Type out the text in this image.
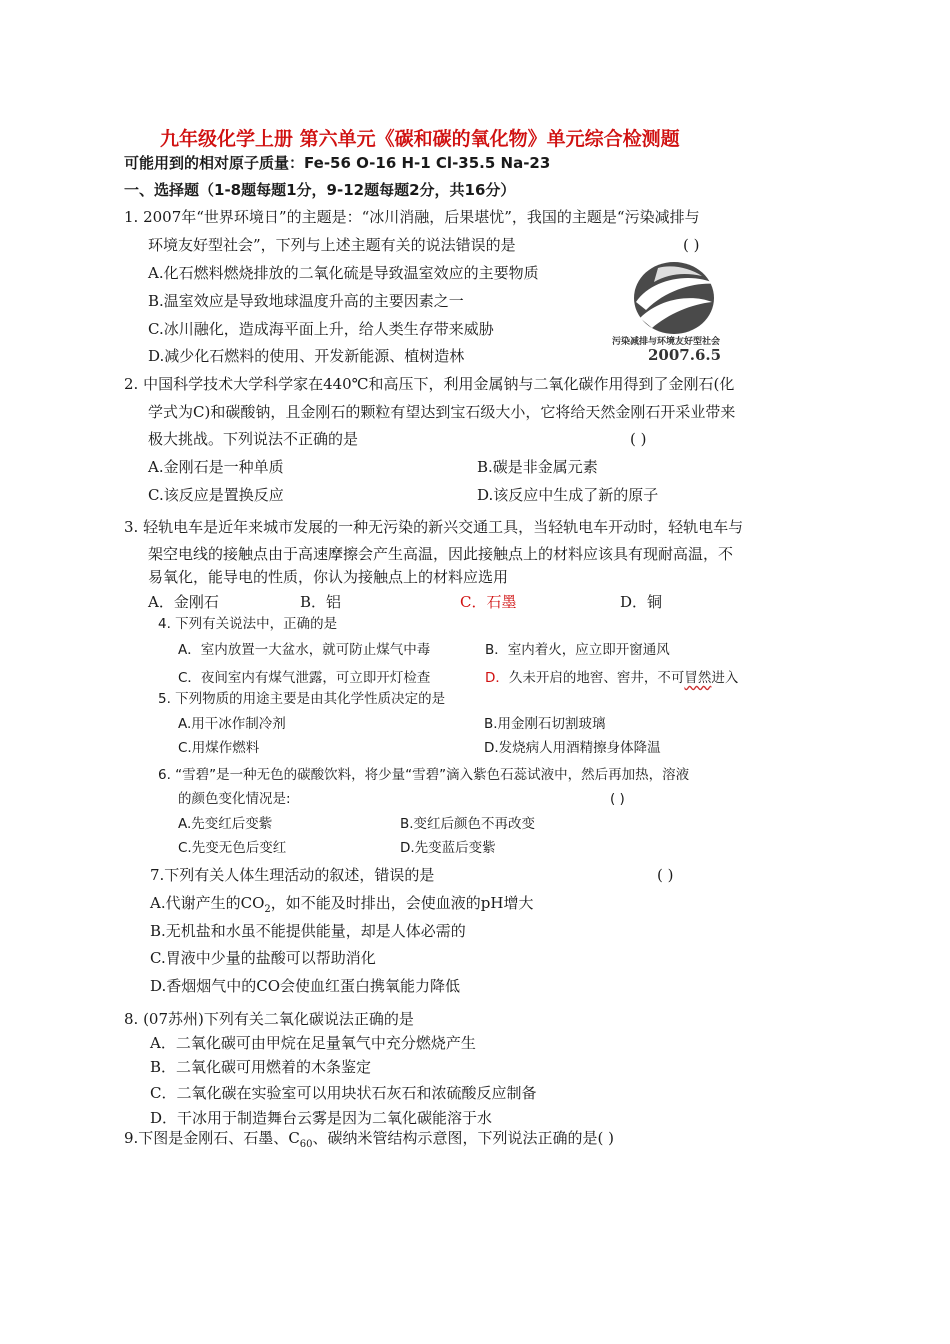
九年级化学上册 第六单元《碳和碳的氧化物》单元综合检测题
可能用到的相对原子质量：Fe-56 O-16 H-1 Cl-35.5 Na-23
一、选择题（1-8题每题1分，9-12题每题2分，共16分）
1. 2007年“世界环境日”的主题是：“冰川消融，后果堪忧”，我国的主题是“污染减排与
环境友好型社会”，下列与上述主题有关的说法错误的是	( )
A.化石燃料燃烧排放的二氧化硫是导致温室效应的主要物质
B.温室效应是导致地球温度升高的主要因素之一
C.冰川融化，造成海平面上升，给人类生存带来威胁
D.减少化石燃料的使用、开发新能源、植树造林
污染减排与环境友好型社会
2007.6.5
2. 中国科学技术大学科学家在440℃和高压下，利用金属钠与二氧化碳作用得到了金刚石(化
学式为C)和碳酸钠，且金刚石的颗粒有望达到宝石级大小，它将给天然金刚石开采业带来
极大挑战。下列说法不正确的是	( )
A.金刚石是一种单质	B.碳是非金属元素
C.该反应是置换反应	D.该反应中生成了新的原子
3. 轻轨电车是近年来城市发展的一种无污染的新兴交通工具，当轻轨电车开动时，轻轨电车与
架空电线的接触点由于高速摩擦会产生高温，因此接触点上的材料应该具有现耐高温，不
易氧化，能导电的性质，你认为接触点上的材料应选用
A．金刚石	B．铝	C．石墨	D．铜
4. 下列有关说法中，正确的是
A．室内放置一大盆水，就可防止煤气中毒	B．室内着火，应立即开窗通风
C．夜间室内有煤气泄露，可立即开灯检查	D．久未开启的地窖、窖井，不可冒然进入
5. 下列物质的用途主要是由其化学性质决定的是
A.用干冰作制冷剂	B.用金刚石切割玻璃
C.用煤作燃料	D.发烧病人用酒精擦身体降温
6. “雪碧”是一种无色的碳酸饮料，将少量“雪碧”滴入紫色石蕊试液中，然后再加热，溶液
的颜色变化情况是:	( )
A.先变红后变紫	B.变红后颜色不再改变
C.先变无色后变红	D.先变蓝后变紫
7.下列有关人体生理活动的叙述，错误的是	( )
A.代谢产生的$CO_2$，如不能及时排出，会使血液的pH增大
B.无机盐和水虽不能提供能量，却是人体必需的
C.胃液中少量的盐酸可以帮助消化
D.香烟烟气中的CO会使血红蛋白携氧能力降低
8. (07苏州)下列有关二氧化碳说法正确的是
A．二氧化碳可由甲烷在足量氧气中充分燃烧产生
B．二氧化碳可用燃着的木条鉴定
C．二氧化碳在实验室可以用块状石灰石和浓硫酸反应制备
D．干冰用于制造舞台云雾是因为二氧化碳能溶于水
9.下图是金刚石、石墨、$C_{60}$、碳纳米管结构示意图，下列说法正确的是( )
